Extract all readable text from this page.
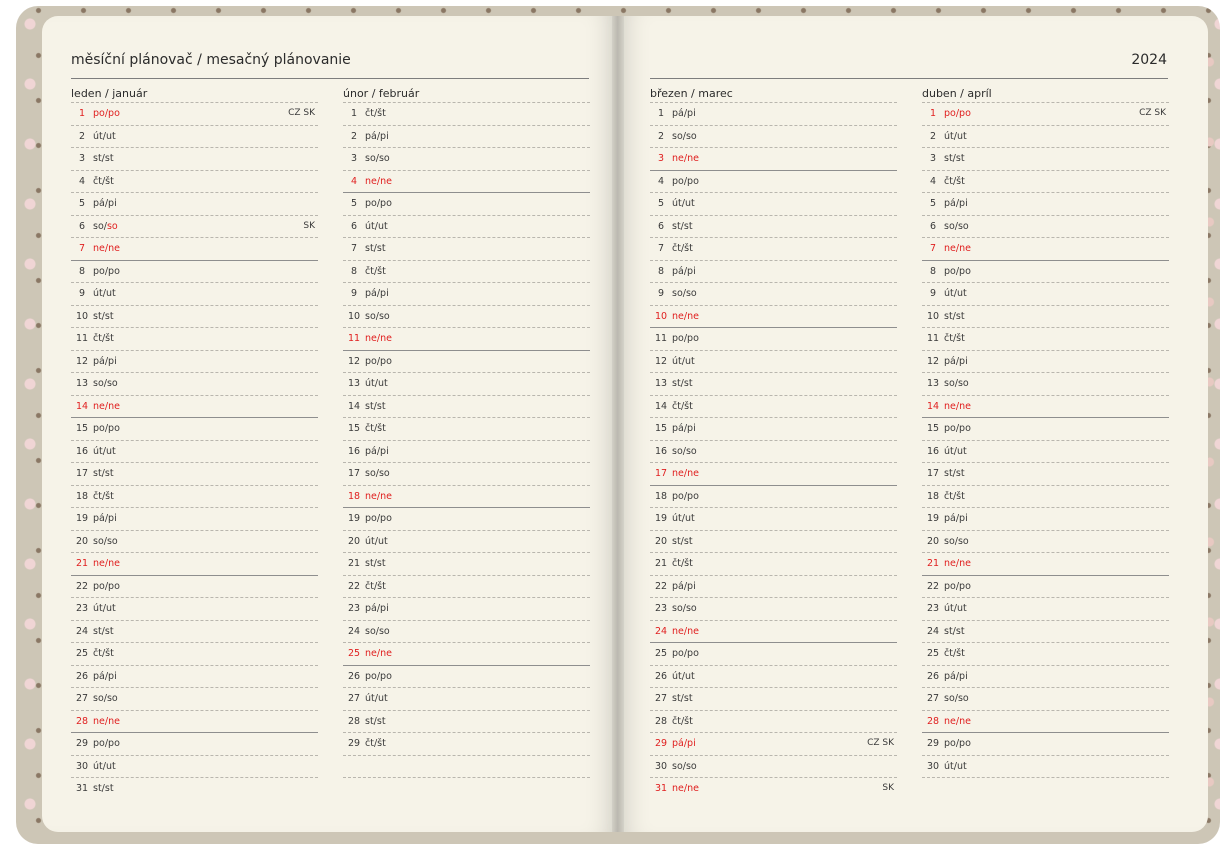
měsíční plánovač / mesačný plánovanie	2024
leden / január
1 po/po	CZ SK
2 út/ut
3 st/st
4 čt/št
5 pá/pi
6 so/so	SK
7 ne/ne
8 po/po
9 út/ut
10 st/st
11 čt/št
12 pá/pi
13 so/so
14 ne/ne
15 po/po
16 út/ut
17 st/st
18 čt/št
19 pá/pi
20 so/so
21 ne/ne
22 po/po
23 út/ut
24 st/st
25 čt/št
26 pá/pi
27 so/so
28 ne/ne
29 po/po
30 út/ut
31 st/st
únor / február
1 čt/št
2 pá/pi
3 so/so
4 ne/ne
5 po/po
6 út/ut
7 st/st
8 čt/št
9 pá/pi
10 so/so
11 ne/ne
12 po/po
13 út/ut
14 st/st
15 čt/št
16 pá/pi
17 so/so
18 ne/ne
19 po/po
20 út/ut
21 st/st
22 čt/št
23 pá/pi
24 so/so
25 ne/ne
26 po/po
27 út/ut
28 st/st
29 čt/št
březen / marec
1 pá/pi
2 so/so
3 ne/ne
4 po/po
5 út/ut
6 st/st
7 čt/št
8 pá/pi
9 so/so
10 ne/ne
11 po/po
12 út/ut
13 st/st
14 čt/št
15 pá/pi
16 so/so
17 ne/ne
18 po/po
19 út/ut
20 st/st
21 čt/št
22 pá/pi
23 so/so
24 ne/ne
25 po/po
26 út/ut
27 st/st
28 čt/št
29 pá/pi	CZ SK
30 so/so
31 ne/ne	SK
duben / apríl
1 po/po	CZ SK
2 út/ut
3 st/st
4 čt/št
5 pá/pi
6 so/so
7 ne/ne
8 po/po
9 út/ut
10 st/st
11 čt/št
12 pá/pi
13 so/so
14 ne/ne
15 po/po
16 út/ut
17 st/st
18 čt/št
19 pá/pi
20 so/so
21 ne/ne
22 po/po
23 út/ut
24 st/st
25 čt/št
26 pá/pi
27 so/so
28 ne/ne
29 po/po
30 út/ut
